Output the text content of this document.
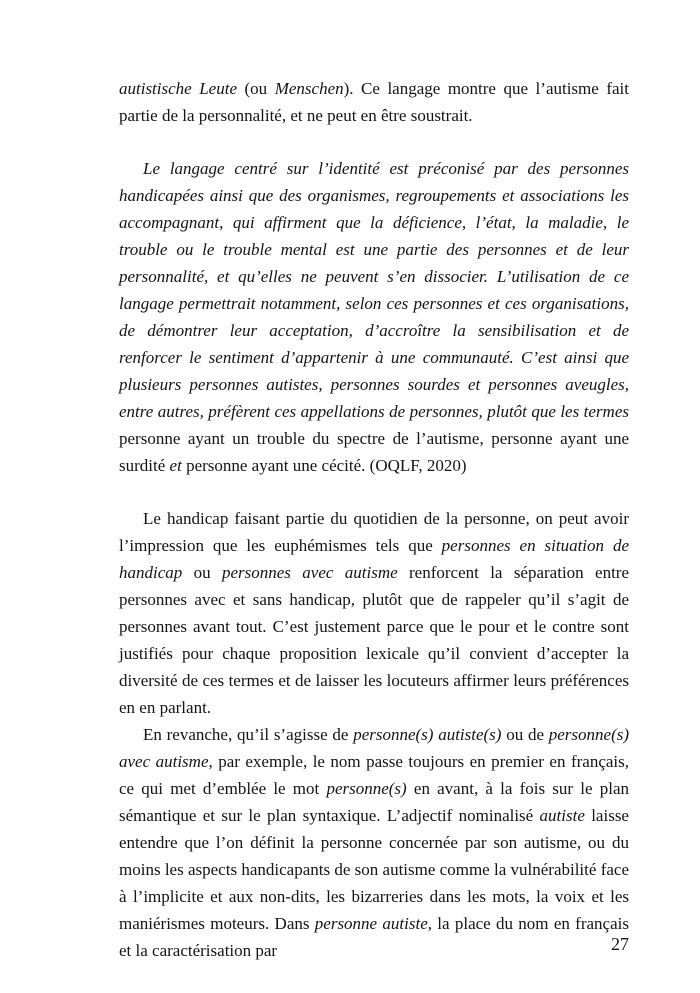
autistische Leute (ou Menschen). Ce langage montre que l’autisme fait partie de la personnalité, et ne peut en être soustrait.

Le langage centré sur l’identité est préconisé par des personnes handicapées ainsi que des organismes, regroupements et associations les accompagnant, qui affirment que la déficience, l’état, la maladie, le trouble ou le trouble mental est une partie des personnes et de leur personnalité, et qu’elles ne peuvent s’en dissocier. L’utilisation de ce langage permettrait notamment, selon ces personnes et ces organisations, de démontrer leur acceptation, d’accroître la sensibilisation et de renforcer le sentiment d’appartenir à une communauté. C’est ainsi que plusieurs personnes autistes, personnes sourdes et personnes aveugles, entre autres, préfèrent ces appellations de personnes, plutôt que les termes personne ayant un trouble du spectre de l’autisme, personne ayant une surdité et personne ayant une cécité. (OQLF, 2020)

Le handicap faisant partie du quotidien de la personne, on peut avoir l’impression que les euphémismes tels que personnes en situation de handicap ou personnes avec autisme renforcent la séparation entre personnes avec et sans handicap, plutôt que de rappeler qu’il s’agit de personnes avant tout. C’est justement parce que le pour et le contre sont justifiés pour chaque proposition lexicale qu’il convient d’accepter la diversité de ces termes et de laisser les locuteurs affirmer leurs préférences en en parlant.

En revanche, qu’il s’agisse de personne(s) autiste(s) ou de personne(s) avec autisme, par exemple, le nom passe toujours en premier en français, ce qui met d’emblée le mot personne(s) en avant, à la fois sur le plan sémantique et sur le plan syntaxique. L’adjectif nominalisé autiste laisse entendre que l’on définit la personne concernée par son autisme, ou du moins les aspects handicapants de son autisme comme la vulnérabilité face à l’implicite et aux non-dits, les bizarreries dans les mots, la voix et les maniérismes moteurs. Dans personne autiste, la place du nom en français et la caractérisation par	27
